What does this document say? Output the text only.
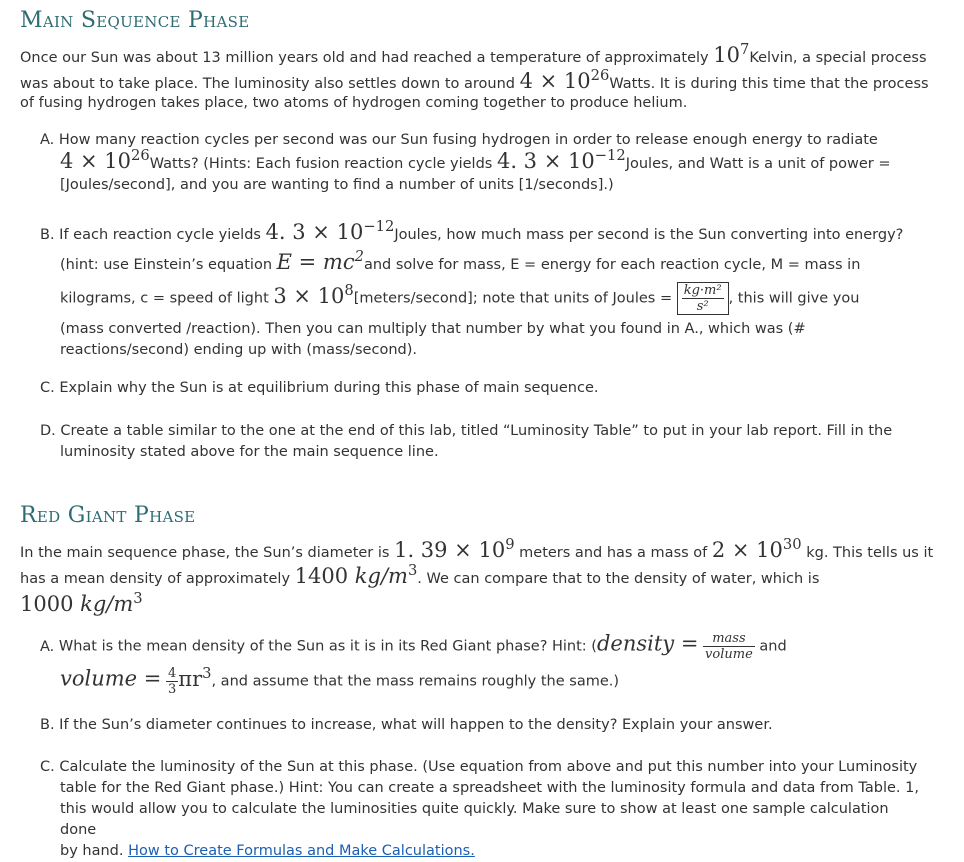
Main Sequence Phase
Once our Sun was about 13 million years old and had reached a temperature of approximately $10^7Kelvin$, a special process
was about to take place. The luminosity also settles down to around $4 \times 10^{26}Watts$. It is during this time that the process
of fusing hydrogen takes place, two atoms of hydrogen coming together to produce helium.
A. How many reaction cycles per second was our Sun fusing hydrogen in order to release enough energy to radiate
$4 \times 10^{26}Watts$? (Hints: Each fusion reaction cycle yields 4. $3 \times 10^{-12}Joules$, and Watt is a unit of power =
[Joules/second], and you are wanting to find a number of units [1/seconds].)
B. If each reaction cycle yields 4. $3 \times 10^{-12}Joules$, how much mass per second is the Sun converting into energy?
(hint: use Einstein’s equation $E = mc^2and$ solve for mass, E = energy for each reaction cycle, M = mass in
kilograms, c = speed of light $3 \times 10^8[meters/second]$; note that units of Joules = $\frac{\text{kg·m²}}{\text{s²}}$ , this will give you
(mass converted /reaction). Then you can multiply that number by what you found in A., which was (#
reactions/second) ending up with (mass/second).
C. Explain why the Sun is at equilibrium during this phase of main sequence.
D. Create a table similar to the one at the end of this lab, titled “Luminosity Table” to put in your lab report. Fill in the
luminosity stated above for the main sequence line.
Red Giant Phase
In the main sequence phase, the Sun’s diameter is 1. $39 \times 10^9$ meters and has a mass of $2 \times 10^{30}$ kg. This tells us it
has a mean density of approximately 1400 $kg/m^3$. We can compare that to the density of water, which is
1000 $kg/m^3$
A. What is the mean density of the Sun as it is in its Red Giant phase? Hint: (density = $\frac{\text{mass}}{\text{volume}}$ and
volume = $\frac{4}{3} \pi r^3$, and assume that the mass remains roughly the same.)
B. If the Sun’s diameter continues to increase, what will happen to the density? Explain your answer.
C. Calculate the luminosity of the Sun at this phase. (Use equation from above and put this number into your Luminosity
table for the Red Giant phase.) Hint: You can create a spreadsheet with the luminosity formula and data from Table. 1,
this would allow you to calculate the luminosities quite quickly. Make sure to show at least one sample calculation done
by hand. How to Create Formulas and Make Calculations.
